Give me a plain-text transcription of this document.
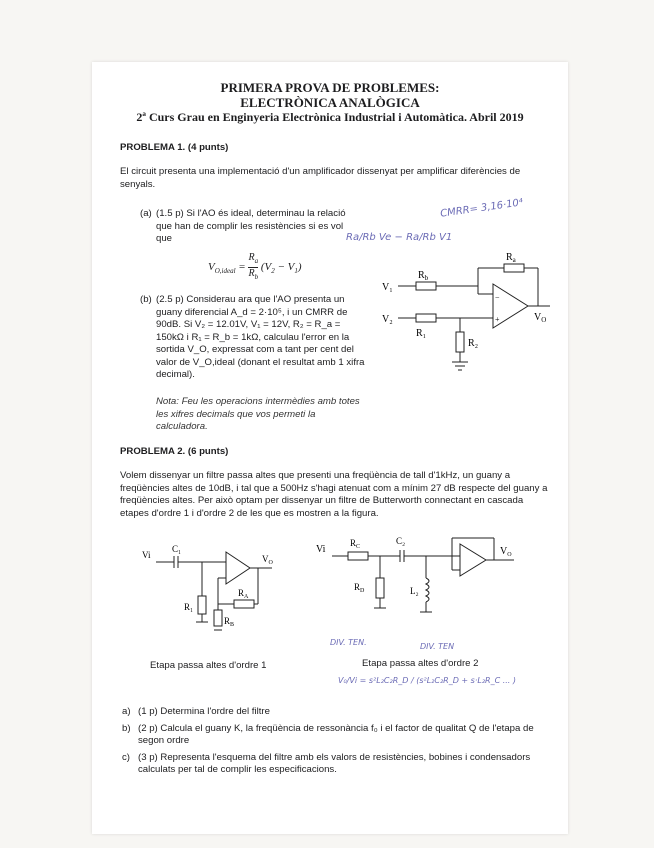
PRIMERA PROVA DE PROBLEMES:
ELECTRÒNICA ANALÒGICA
2ª Curs Grau en Enginyeria Electrònica Industrial i Automàtica. Abril 2019
PROBLEMA 1. (4 punts)
El circuit presenta una implementació d'un amplificador dissenyat per amplificar diferències de senyals.
(a) (1.5 p) Si l'AO és ideal, determinau la relació que han de complir les resistències si es vol que
$V_{O,ideal} = \frac{R_a}{R_b} (V_2 - V_1)$
CMRR= 3,16·10⁴
Ra/Rb Ve − Ra/Rb V1
(b) (2.5 p) Considerau ara que l'AO presenta un guany diferencial A_d = 2·10⁵, i un CMRR de 90dB. Si V₂ = 12.01V, V₁ = 12V, R₂ = R_a = 150kΩ i R₁ = R_b = 1kΩ, calculau l'error en la sortida V_O, expressat com a tant per cent del valor de V_O,ideal (donant el resultat amb 1 xifra decimal).
Nota: Feu les operacions intermèdies amb totes les xifres decimals que vos permeti la calculadora.
V₁
V₂
$R_b$
$R_a$
R₁
R₂
$V_O$
−
+
PROBLEMA 2. (6 punts)
Volem dissenyar un filtre passa altes que presenti una freqüència de tall d'1kHz, un guany a freqüències altes de 10dB, i tal que a 500Hz s'hagi atenuat com a mínim 27 dB respecte del guany a freqüències altes. Per això optam per dissenyar un filtre de Butterworth connectant en cascada etapes d'ordre 1 i d'ordre 2 de les que es mostren a la figura.
Vi
C₁
R₁
$R_A$
$R_B$
$V_O$
Etapa passa altes d'ordre 1
Vi
$R_C$
C₂
$R_D$	L₂
$V_O$
Etapa passa altes d'ordre 2
DIV. TEN.	DIV. TEN
V₀/Vi = s²L₂C₂R_D / (s²L₂C₂R_D + s·L₂R_C ... )
a) (1 p) Determina l'ordre del filtre
b) (2 p) Calcula el guany K, la freqüència de ressonància f₀ i el factor de qualitat Q de l'etapa de segon ordre
c) (3 p) Representa l'esquema del filtre amb els valors de resistències, bobines i condensadors calculats per tal de complir les especificacions.
